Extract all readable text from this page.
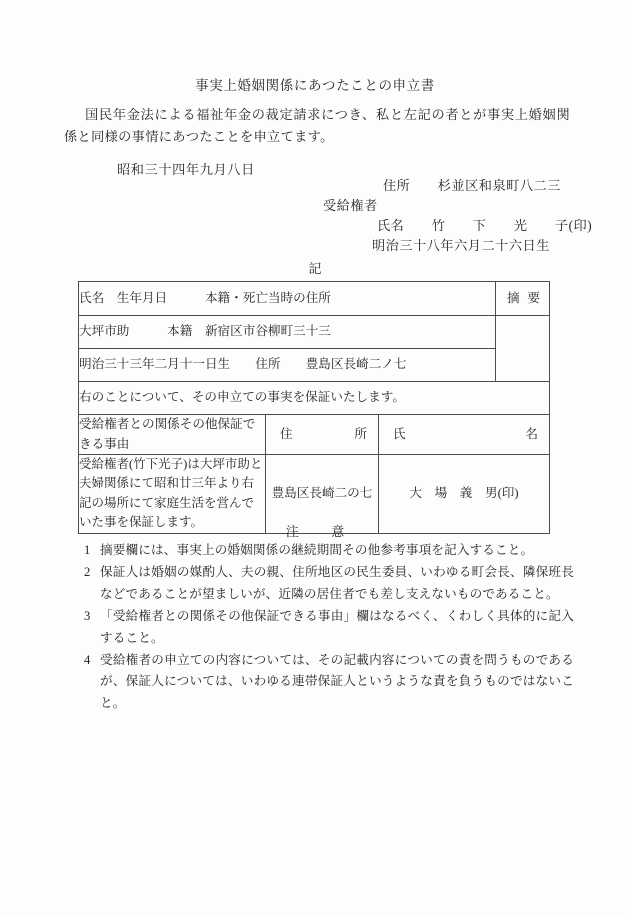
事実上婚姻関係にあつたことの申立書
国民年金法による福祉年金の裁定請求につき、私と左記の者とが事実上婚姻関係と同様の事情にあつたことを申立てます。
昭和三十四年九月八日
住所　　杉並区和泉町八二三
受給権者
氏名　　竹　　下　　光　　子(印)
明治三十八年六月二十六日生
記
氏名　生年月日　　　本籍・死亡当時の住所			摘 要

大坪市助　　　本籍　新宿区市谷柳町三十三			
明治三十三年二月十一日生　　住所　　豊島区長崎二ノ七			
右のことについて、その申立ての事実を保証いたします。			
受給権者との関係その他保証できる事由	住 所	氏 名	

受給権者(竹下光子)は大坪市助と夫婦関係にて昭和廿三年より右記の場所にて家庭生活を営んでいた事を保証します。	豊島区長崎二の七	大　場　義　男(印)	
注	意
1 摘要欄には、事実上の婚姻関係の継続期間その他参考事項を記入すること。
2 保証人は婚姻の媒酌人、夫の親、住所地区の民生委員、いわゆる町会長、隣保班長などであることが望ましいが、近隣の居住者でも差し支えないものであること。
3 「受給権者との関係その他保証できる事由」欄はなるべく、くわしく具体的に記入すること。
4 受給権者の申立ての内容については、その記載内容についての責を問うものであるが、保証人については、いわゆる連帯保証人というような責を負うものではないこと。
